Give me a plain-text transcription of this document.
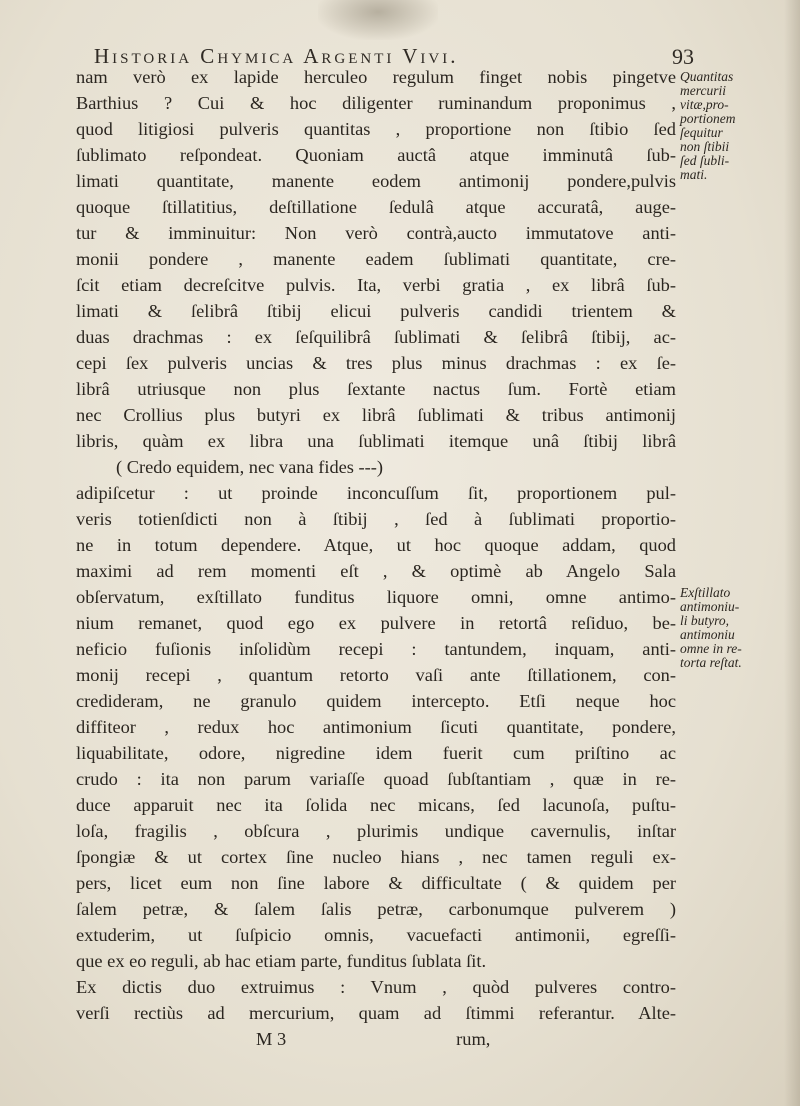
Historia Chymica Argenti Vivi.	93
nam verò ex lapide herculeo regulum finget nobis pingetve
Barthius ? Cui & hoc diligenter ruminandum proponimus ,
quod litigiosi pulveris quantitas , proportione non ſtibio ſed
ſublimato reſpondeat. Quoniam auctâ atque imminutâ ſub-
limati quantitate, manente eodem antimonij pondere,pulvis
quoque ſtillatitius, deſtillatione ſedulâ atque accuratâ, auge-
tur & imminuitur: Non verò contrà,aucto immutatove anti-
monii pondere , manente eadem ſublimati quantitate, cre-
ſcit etiam decreſcitve pulvis. Ita, verbi gratia , ex librâ ſub-
limati & ſelibrâ ſtibij elicui pulveris candidi trientem &
duas drachmas : ex ſeſquilibrâ ſublimati & ſelibrâ ſtibij, ac-
cepi ſex pulveris uncias & tres plus minus drachmas : ex ſe-
librâ utriusque non plus ſextante nactus ſum. Fortè etiam
nec Crollius plus butyri ex librâ ſublimati & tribus antimonij
libris, quàm ex libra una ſublimati itemque unâ ſtibij librâ
( Credo equidem, nec vana fides ---)
adipiſcetur : ut proinde inconcuſſum ſit, proportionem pul-
veris totienſdicti non à ſtibij , ſed à ſublimati proportio-
ne in totum dependere. Atque, ut hoc quoque addam, quod
maximi ad rem momenti eſt , & optimè ab Angelo Sala
obſervatum, exſtillato funditus liquore omni, omne antimo-
nium remanet, quod ego ex pulvere in retortâ reſiduo, be-
neficio fuſionis inſolidùm recepi : tantundem, inquam, anti-
monij recepi , quantum retorto vaſi ante ſtillationem, con-
credideram, ne granulo quidem intercepto. Etſi neque hoc
diffiteor , redux hoc antimonium ſicuti quantitate, pondere,
liquabilitate, odore, nigredine idem fuerit cum priſtino ac
crudo : ita non parum variaſſe quoad ſubſtantiam , quæ in re-
duce apparuit nec ita ſolida nec micans, ſed lacunoſa, puſtu-
loſa, fragilis , obſcura , plurimis undique cavernulis, inſtar
ſpongiæ & ut cortex ſine nucleo hians , nec tamen reguli ex-
pers, licet eum non ſine labore & difficultate ( & quidem per
ſalem petræ, & ſalem ſalis petræ, carbonumque pulverem )
extuderim, ut ſuſpicio omnis, vacuefacti antimonii, egreſſi-
que ex eo reguli, ab hac etiam parte, funditus ſublata ſit.
Ex dictis duo extruimus : Vnum , quòd pulveres contro-
verſi rectiùs ad mercurium, quam ad ſtimmi referantur. Alte-
M 3	rum,
Quantitas
mercurii
vitæ,pro-
portionem
ſequitur
non ſtibii
ſed ſubli-
mati.
Exſtillato
antimoniu-
li butyro,
antimoniu
omne in re-
torta reſtat.
